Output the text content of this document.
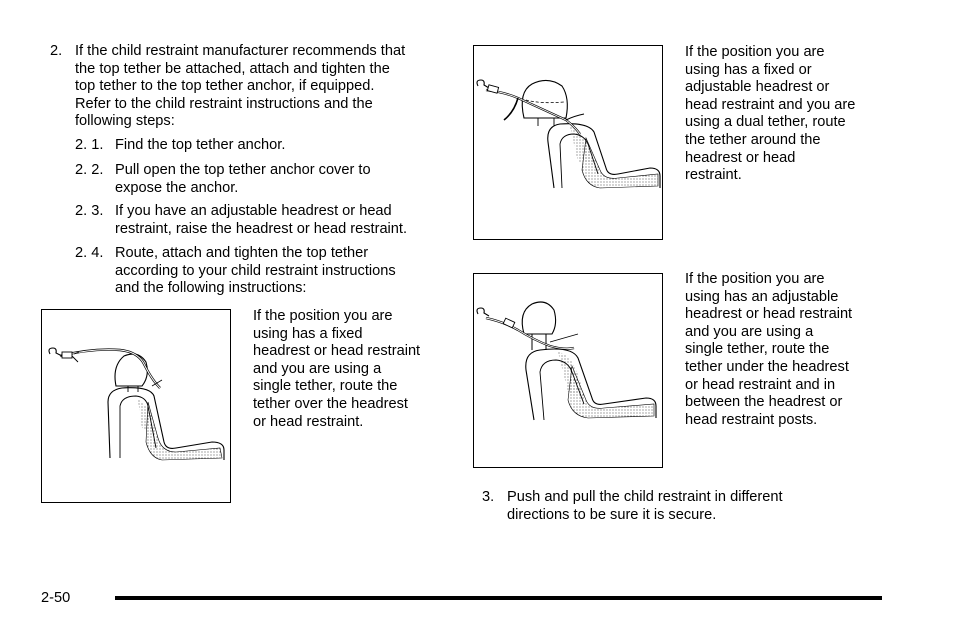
2. If the child restraint manufacturer recommends that
the top tether be attached, attach and tighten the
top tether to the top tether anchor, if equipped.
Refer to the child restraint instructions and the
following steps:
2. 1. Find the top tether anchor.
2. 2. Pull open the top tether anchor cover to
expose the anchor.
2. 3. If you have an adjustable headrest or head
restraint, raise the headrest or head restraint.
2. 4. Route, attach and tighten the top tether
according to your child restraint instructions
and the following instructions:
If the position you are
using has a fixed
headrest or head restraint
and you are using a
single tether, route the
tether over the headrest
or head restraint.
If the position you are
using has a fixed or
adjustable headrest or
head restraint and you are
using a dual tether, route
the tether around the
headrest or head
restraint.
If the position you are
using has an adjustable
headrest or head restraint
and you are using a
single tether, route the
tether under the headrest
or head restraint and in
between the headrest or
head restraint posts.
3. Push and pull the child restraint in different
directions to be sure it is secure.
2-50
